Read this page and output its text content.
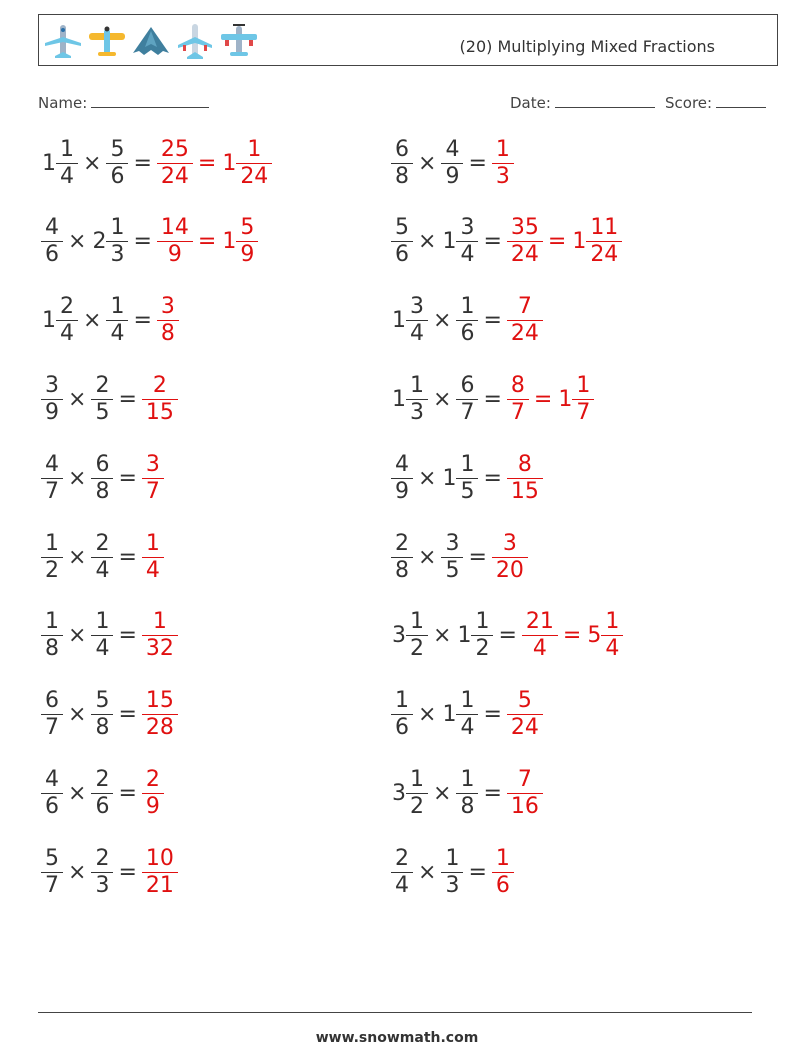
(20) Multiplying Mixed Fractions
Name:	Date:	Score:
$1 \frac{1}{4} \times \frac{5}{6} = \frac{25}{24} = 1 \frac{1}{24}$	$\frac{6}{8} \times \frac{4}{9} = \frac{1}{3}$
$\frac{4}{6} \times 2 \frac{1}{3} = \frac{14}{9} = 1 \frac{5}{9}$	$\frac{5}{6} \times 1 \frac{3}{4} = \frac{35}{24} = 1 \frac{11}{24}$
$1 \frac{2}{4} \times \frac{1}{4} = \frac{3}{8}$	$1 \frac{3}{4} \times \frac{1}{6} = \frac{7}{24}$
$\frac{3}{9} \times \frac{2}{5} = \frac{2}{15}$	$1 \frac{1}{3} \times \frac{6}{7} = \frac{8}{7} = 1 \frac{1}{7}$
$\frac{4}{7} \times \frac{6}{8} = \frac{3}{7}$	$\frac{4}{9} \times 1 \frac{1}{5} = \frac{8}{15}$
$\frac{1}{2} \times \frac{2}{4} = \frac{1}{4}$	$\frac{2}{8} \times \frac{3}{5} = \frac{3}{20}$
$\frac{1}{8} \times \frac{1}{4} = \frac{1}{32}$	$3 \frac{1}{2} \times 1 \frac{1}{2} = \frac{21}{4} = 5 \frac{1}{4}$
$\frac{6}{7} \times \frac{5}{8} = \frac{15}{28}$	$\frac{1}{6} \times 1 \frac{1}{4} = \frac{5}{24}$
$\frac{4}{6} \times \frac{2}{6} = \frac{2}{9}$	$3 \frac{1}{2} \times \frac{1}{8} = \frac{7}{16}$
$\frac{5}{7} \times \frac{2}{3} = \frac{10}{21}$	$\frac{2}{4} \times \frac{1}{3} = \frac{1}{6}$
www.snowmath.com
